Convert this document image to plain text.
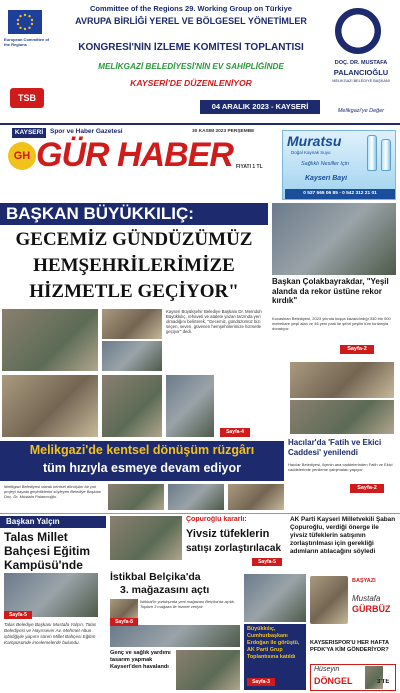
European Committee of the Regions
TSB
Committee of the Regions 29. Working Group on Türkiye
AVRUPA BİRLİĞİ YEREL VE BÖLGESEL YÖNETİMLER
KONGRESİ'NİN İZLEME KOMİTESİ TOPLANTISI
MELİKGAZİ BELEDİYESİ'NİN EV SAHİPLİĞİNDE
KAYSERİ'DE DÜZENLENİYOR
04 ARALIK 2023 - KAYSERİ
DOÇ. DR. MUSTAFA
PALANCIOĞLU
MELİKGAZİ BELEDİYE BAŞKANI
Melikgazi'ye Değer
KAYSERİ	Spor ve Haber Gazetesi	30 KASIM 2023 PERŞEMBE
GH GÜR HABER FİYATI 1 TL
Muratsu
Doğal Kaynak Suyu
Sağlıklı Nesiller İçin
Kayseri Bayi
0 537 565 06 85 - 0 542 312 21 01
BAŞKAN BÜYÜKKILIÇ:
GECEMİZ GÜNDÜZÜMÜZ
HEMŞEHRİLERİMİZE
HİZMETLE GEÇİYOR"	Başkan Çolakbayrakdar, "Yeşil alanda da rekor üstüne rekor kırdık"
Kocasinan Belediyesi, 2023 yılında kuşça kazandırdığı 330 bin 000 metrekare yeşil alan ve 46 yeni park ile şehri yeşilin tüm tonlarıyla donatıyor.
Sayfa-2
Kayseri Büyükşehir Belediye Başkanı Dr. Memduh Büyükkılıç, rehaveti ve atalete yazan tarzında yeri olmadığını belirterek, "Gecemiz, gündüzümüz bizi seçen, seven, güvenen hemşehrilerimize hizmetle geçiyor" dedi.
Sayfa-4
Hacılar'da 'Fatih ve Ekici Caddesi' yenilendi
Hacılar Belediyesi, ilçenin ana caddelerinden Fatih ve Ekici caddelerinde yenileme çalışmaları yapıyor.
Sayfa-2
Melikgazi'de kentsel dönüşüm rüzgârı
tüm hızıyla esmeye devam ediyor
Melikgazi Belediyesi olarak kentsel dönüşüm bir çok projeyi hayata geçirdiklerini söyleyen Belediye Başkanı Doç. Dr. Mustafa Palancıoğlu.
Başkan Yalçın
Talas Millet
Bahçesi Eğitim
Kampüsü'nde
Sayfa-5
Talas Belediye Başkanı Mustafa Yalçın, Talas Belediyesi ve Hayırsever Av. Mehmet Altun işbirliğiyle yapımı süren Millet Bahçesi Eğitim Kampüsünde incelemelerde bulundu.
Çopuroğlu kararlı:
Yivsiz tüfeklerin
satışı zorlaştırılacak
Sayfa-5
AK Parti Kayseri Milletvekili Şaban Çopuroğlu, verdiği önerge ile yivsiz tüfeklerin satışının zorlaştırılması için gerekliği adımların atılacağını söyledi
İstikbal Belçika'da
3. mağazasını açtı
İstikbal'in yurtdışında yeni mağazası Belçika'da açıldı. Toplam 3 mağaza ile hizmet veriyor.
Sayfa-8
Genç ve sağlık yardımı tasarım yapmak Kayseri'den havalandı
Büyükkılıç, Cumhurbaşkanı Erdoğan ile görüştü, AK Parti Grup Toplantısına katıldı
Sayfa-3
BAŞYAZI
Mustafa
GÜRBÜZ
KAYSERİSPOR'U HER HAFTA PFDK'YA KİM GÖNDERİYOR?
Hüseyin
DÖNGEL	3'TE
